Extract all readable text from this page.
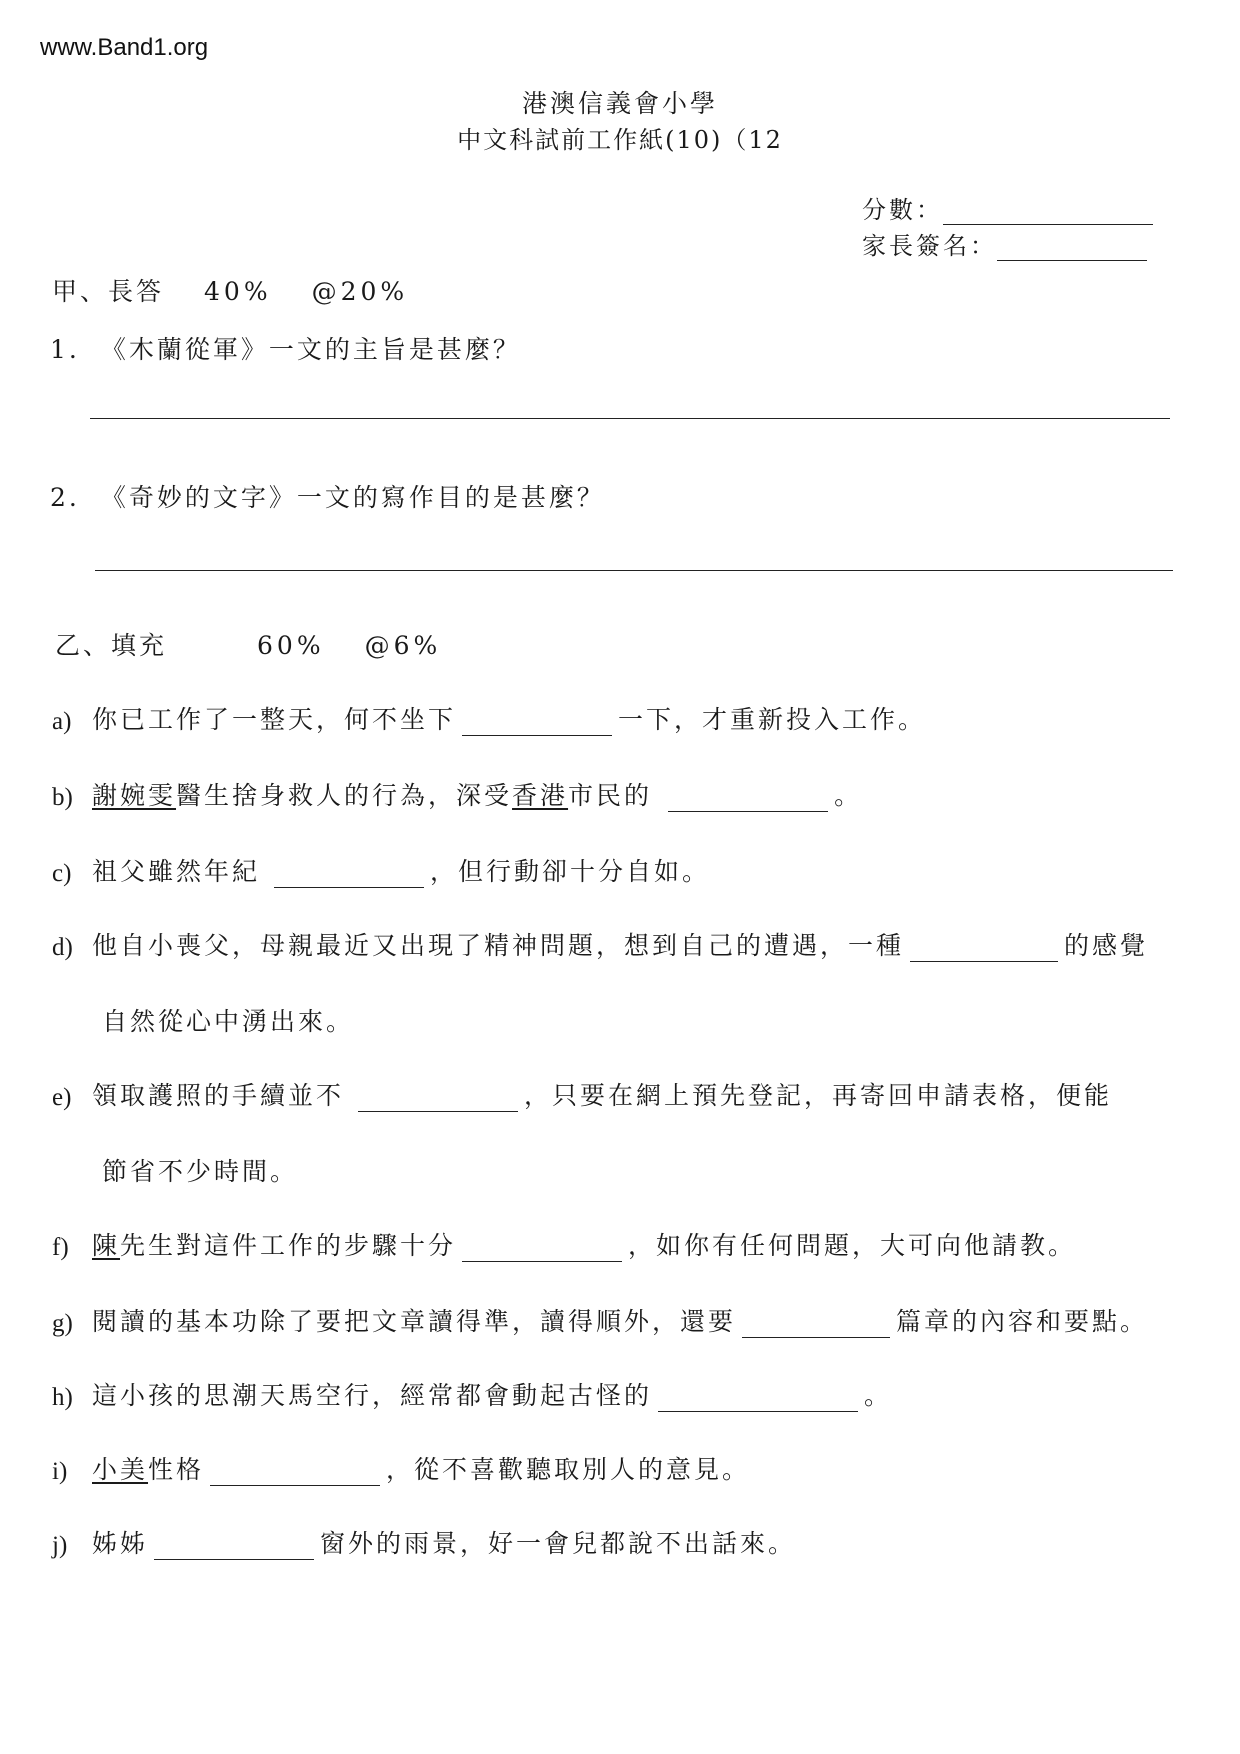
www.Band1.org
港澳信義會小學
中文科試前工作紙(10)（12
分數：
家長簽名：
甲、長答 40% @20%
1. 《木蘭從軍》一文的主旨是甚麼？
2. 《奇妙的文字》一文的寫作目的是甚麼？
乙、填充	60% @6%
a) 你已工作了一整天，何不坐下	一下，才重新投入工作。
b) 謝婉雯 醫生捨身救人的行為，深受 香港 市民的	。
c) 祖父雖然年紀	，但行動卻十分自如。
d) 他自小喪父，母親最近又出現了精神問題，想到自己的遭遇，一種	的感覺
自然從心中湧出來。
e) 領取護照的手續並不	，只要在網上預先登記，再寄回申請表格，便能
節省不少時間。
f) 陳 先生對這件工作的步驟十分	，如你有任何問題，大可向他請教。
g) 閱讀的基本功除了要把文章讀得準，讀得順外，還要	篇章的內容和要點。
h) 這小孩的思潮天馬空行，經常都會動起古怪的	。
i) 小美 性格	，從不喜歡聽取別人的意見。
j) 姊姊	窗外的雨景，好一會兒都說不出話來。
